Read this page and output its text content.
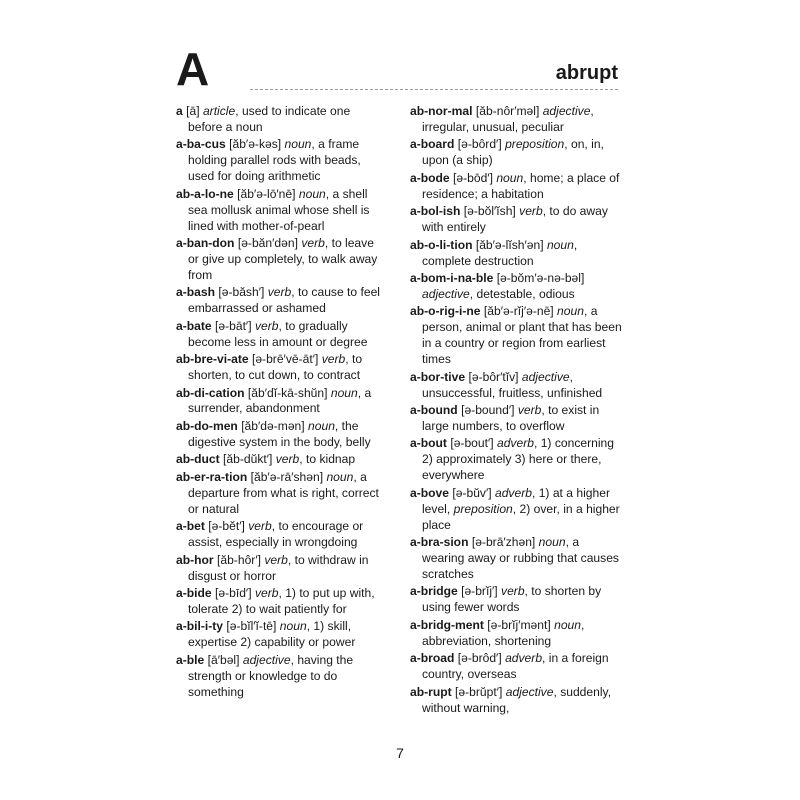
A	abrupt

a [ā] article, used to indicate one before a noun

a-ba-cus [ăb′ə-kəs] noun, a frame holding parallel rods with beads, used for doing arithmetic

ab-a-lo-ne [ăb′ə-lō′nē] noun, a shell sea mollusk animal whose shell is lined with mother-of-pearl

a-ban-don [ə-băn′dən] verb, to leave or give up completely, to walk away from

a-bash [ə-băsh′] verb, to cause to feel embarrassed or ashamed

a-bate [ə-bāt′] verb, to gradually become less in amount or degree

ab-bre-vi-ate [ə-brē′vē-āt′] verb, to shorten, to cut down, to contract

ab-di-cation [ăb′dĭ-kā-shŭn] noun, a surrender, abandonment

ab-do-men [ăb′də-mən] noun, the digestive system in the body, belly

ab-duct [ăb-dŭkt′] verb, to kidnap

ab-er-ra-tion [ăb′ə-rā′shən] noun, a departure from what is right, correct or natural

a-bet [ə-bĕt′] verb, to encourage or assist, especially in wrongdoing

ab-hor [ăb-hôr′] verb, to withdraw in disgust or horror

a-bide [ə-bīd′] verb, 1) to put up with, tolerate 2) to wait patiently for

a-bil-i-ty [ə-bĭl′ĭ-tē] noun, 1) skill, expertise 2) capability or power

a-ble [ā′bəl] adjective, having the strength or knowledge to do something

ab-nor-mal [ăb-nôr′məl] adjective, irregular, unusual, peculiar

a-board [ə-bôrd′] preposition, on, in, upon (a ship)

a-bode [ə-bōd′] noun, home; a place of residence; a habitation

a-bol-ish [ə-bŏl′ĭsh] verb, to do away with entirely

ab-o-li-tion [ăb′ə-lĭsh′ən] noun, complete destruction

a-bom-i-na-ble [ə-bŏm′ə-nə-bəl] adjective, detestable, odious

ab-o-rig-i-ne [ăb′ə-rĭj′ə-nē] noun, a person, animal or plant that has been in a country or region from earliest times

a-bor-tive [ə-bôr′tĭv] adjective, unsuccessful, fruitless, unfinished

a-bound [ə-bound′] verb, to exist in large numbers, to overflow

a-bout [ə-bout′] adverb, 1) concerning 2) approximately 3) here or there, everywhere

a-bove [ə-bŭv′] adverb, 1) at a higher level, preposition, 2) over, in a higher place

a-bra-sion [ə-brā′zhən] noun, a wearing away or rubbing that causes scratches

a-bridge [ə-brĭj′] verb, to shorten by using fewer words

a-bridg-ment [ə-brĭj′mənt] noun, abbreviation, shortening

a-broad [ə-brôd′] adverb, in a foreign country, overseas

ab-rupt [ə-brŭpt′] adjective, suddenly, without warning,

7
